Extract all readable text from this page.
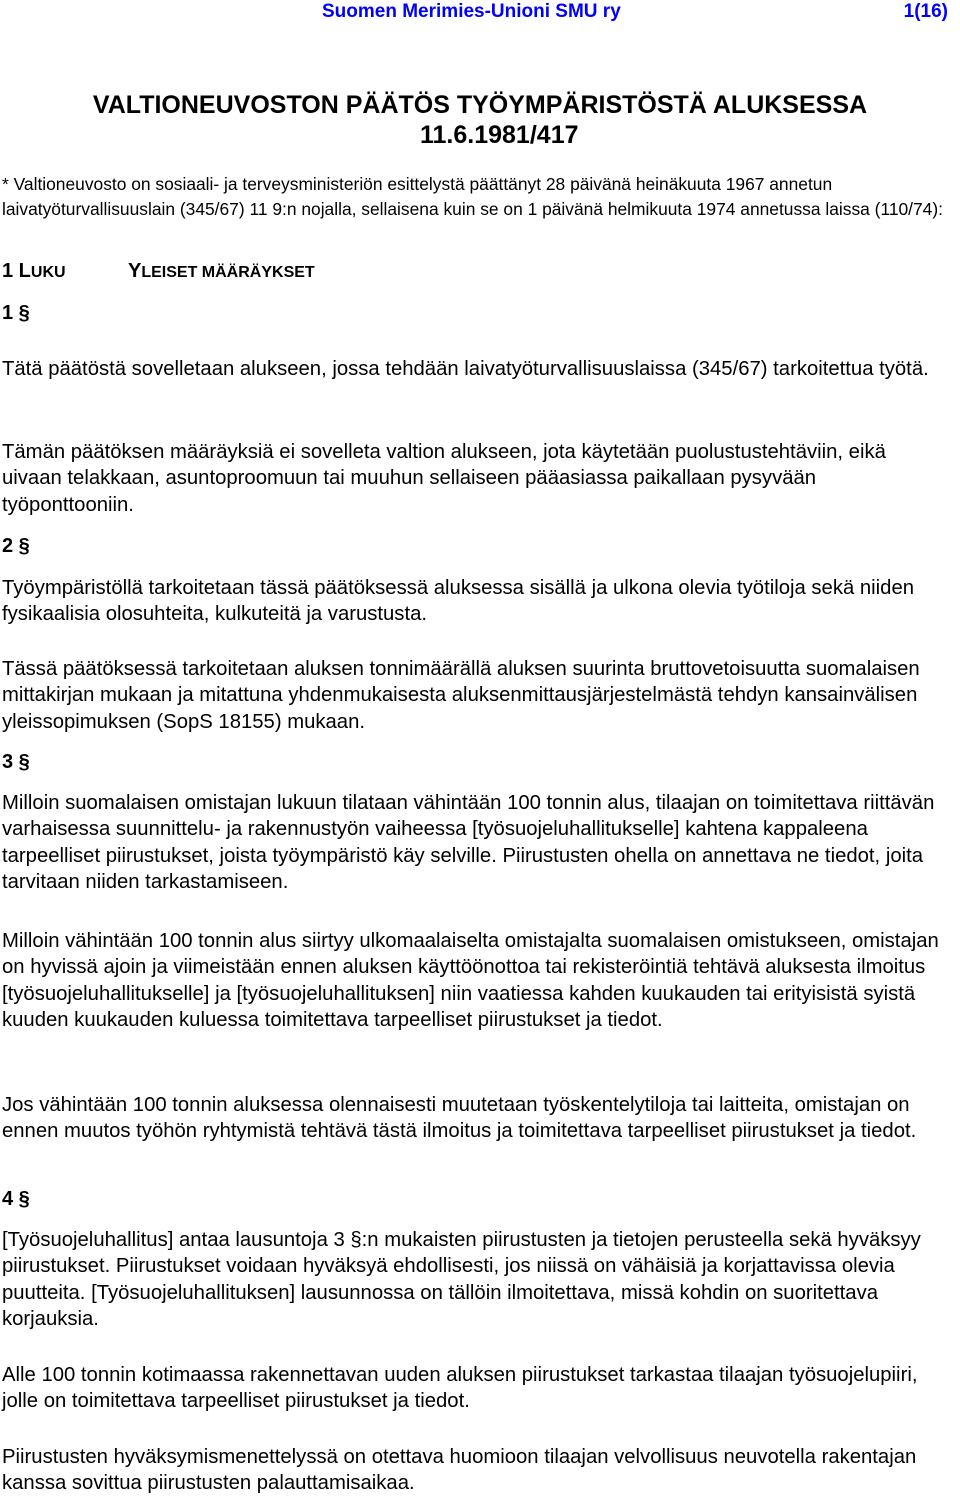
Suomen Merimies-Unioni SMU ry	1(16)
VALTIONEUVOSTON PÄÄTÖS TYÖYMPÄRISTÖSTÄ ALUKSESSA
11.6.1981/417
* Valtioneuvosto on sosiaali- ja terveysministeriön esittelystä päättänyt 28 päivänä heinäkuuta 1967 annetun laivatyöturvallisuuslain (345/67) 11 9:n nojalla, sellaisena kuin se on 1 päivänä helmikuuta 1974 annetussa laissa (110/74):
1 LUKU	YLEISET MÄÄRÄYKSET
1 §
Tätä päätöstä sovelletaan alukseen, jossa tehdään laivatyöturvallisuuslaissa (345/67) tarkoitettua työtä.
Tämän päätöksen määräyksiä ei sovelleta valtion alukseen, jota käytetään puolustustehtäviin, eikä uivaan telakkaan, asuntoproomuun tai muuhun sellaiseen pääasiassa paikallaan pysyvään työponttooniin.
2 §
Työympäristöllä tarkoitetaan tässä päätöksessä aluksessa sisällä ja ulkona olevia työtiloja sekä niiden fysikaalisia olosuhteita, kulkuteitä ja varustusta.
Tässä päätöksessä tarkoitetaan aluksen tonnimäärällä aluksen suurinta bruttovetoisuutta suomalaisen mittakirjan mukaan ja mitattuna yhdenmukaisesta aluksenmittausjärjestelmästä tehdyn kansainvälisen yleissopimuksen (SopS 18155) mukaan.
3 §
Milloin suomalaisen omistajan lukuun tilataan vähintään 100 tonnin alus, tilaajan on toimitettava riittävän varhaisessa suunnittelu- ja rakennustyön vaiheessa [työsuojeluhallitukselle] kahtena kappaleena tarpeelliset piirustukset, joista työympäristö käy selville. Piirustusten ohella on annettava ne tiedot, joita tarvitaan niiden tarkastamiseen.
Milloin vähintään 100 tonnin alus siirtyy ulkomaalaiselta omistajalta suomalaisen omistukseen, omistajan on hyvissä ajoin ja viimeistään ennen aluksen käyttöönottoa tai rekisteröintiä tehtävä aluksesta ilmoitus [työsuojeluhallitukselle] ja [työsuojeluhallituksen] niin vaatiessa kahden kuukauden tai erityisistä syistä kuuden kuukauden kuluessa toimitettava tarpeelliset piirustukset ja tiedot.
Jos vähintään 100 tonnin aluksessa olennaisesti muutetaan työskentelytiloja tai laitteita, omistajan on ennen muutos työhön ryhtymistä tehtävä tästä ilmoitus ja toimitettava tarpeelliset piirustukset ja tiedot.
4 §
[Työsuojeluhallitus] antaa lausuntoja 3 §:n mukaisten piirustusten ja tietojen perusteella sekä hyväksyy piirustukset. Piirustukset voidaan hyväksyä ehdollisesti, jos niissä on vähäisiä ja korjattavissa olevia puutteita. [Työsuojeluhallituksen] lausunnossa on tällöin ilmoitettava, missä kohdin on suoritettava korjauksia.
Alle 100 tonnin kotimaassa rakennettavan uuden aluksen piirustukset tarkastaa tilaajan työsuojelupiiri, jolle on toimitettava tarpeelliset piirustukset ja tiedot.
Piirustusten hyväksymismenettelyssä on otettava huomioon tilaajan velvollisuus neuvotella rakentajan kanssa sovittua piirustusten palauttamisaikaa.
